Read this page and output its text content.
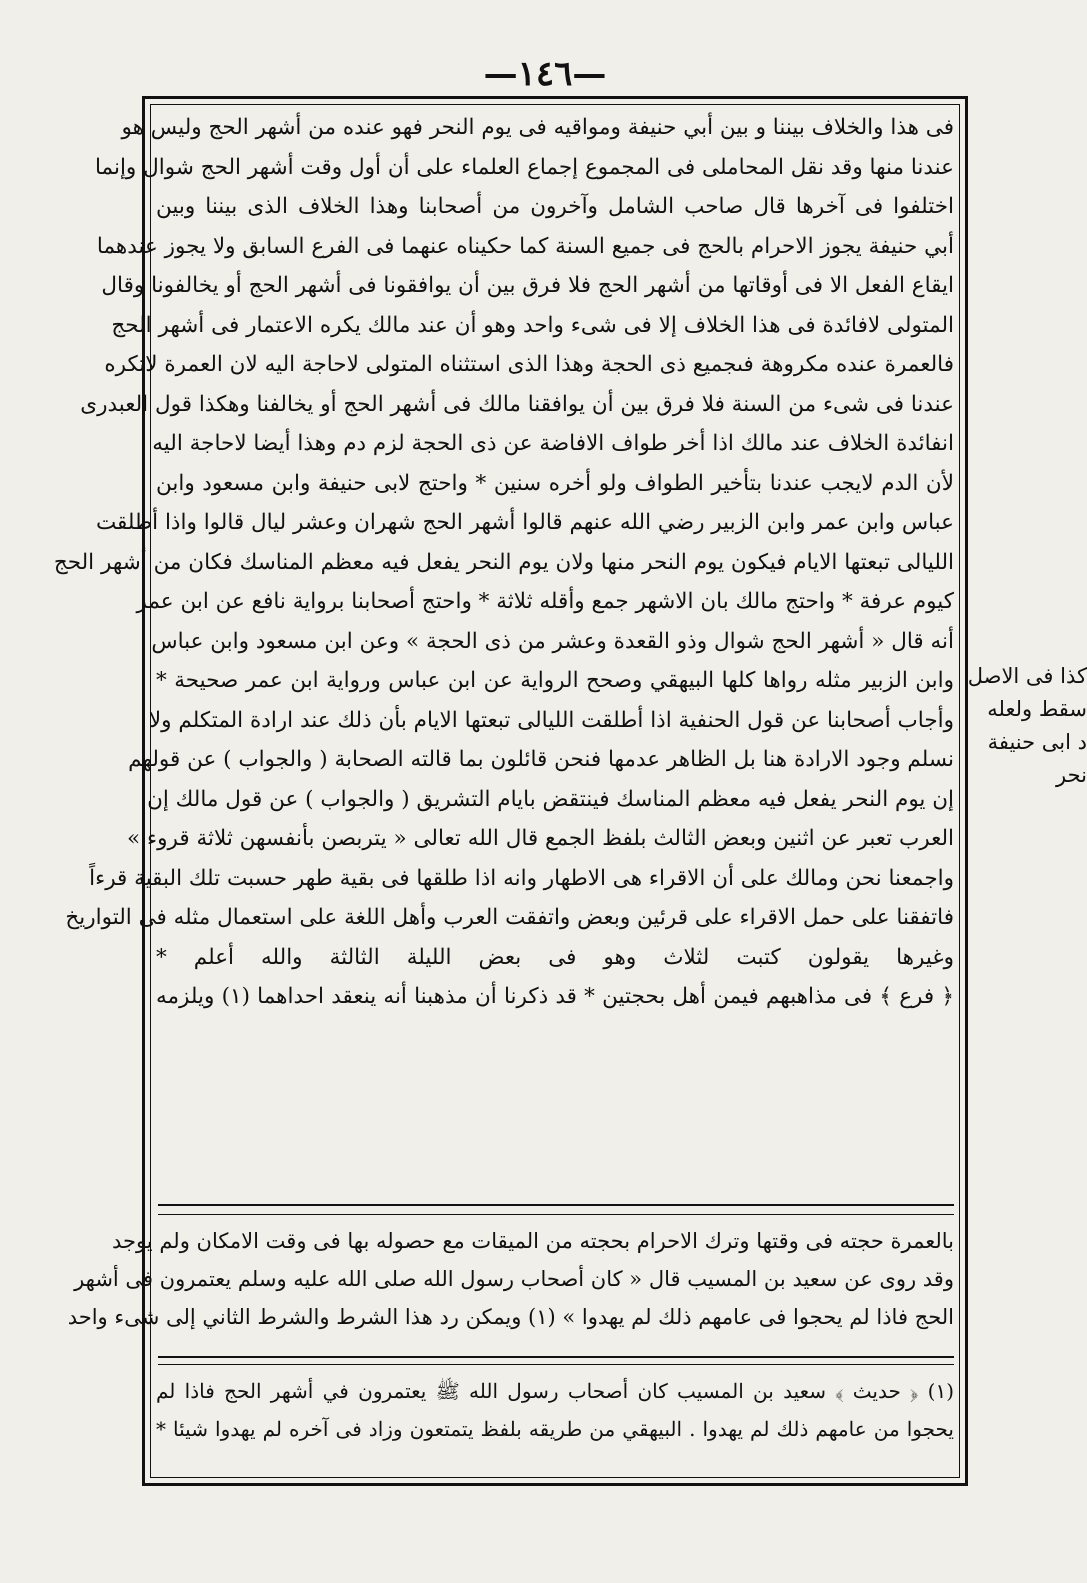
—١٤٦—
فى هذا والخلاف بيننا و بين أبي حنيفة ومواقيه فى يوم النحر فهو عنده من أشهر الحج وليس هو
عندنا منها وقد نقل المحاملى فى المجموع إجماع العلماء على أن أول وقت أشهر الحج شوال وإنما
اختلفوا فى آخرها قال صاحب الشامل وآخرون من أصحابنا وهذا الخلاف الذى بيننا وبين
أبي حنيفة يجوز الاحرام بالحج فى جميع السنة كما حكيناه عنهما فى الفرع السابق ولا يجوز عندهما
ايقاع الفعل الا فى أوقاتها من أشهر الحج فلا فرق بين أن يوافقونا فى أشهر الحج أو يخالفونا وقال
المتولى لافائدة فى هذا الخلاف إلا فى شىء واحد وهو أن عند مالك يكره الاعتمار فى أشهر الحج
فالعمرة عنده مكروهة فىجميع ذى الحجة وهذا الذى استثناه المتولى لاحاجة اليه لان العمرة لاتكره
عندنا فى شىء من السنة فلا فرق بين أن يوافقنا مالك فى أشهر الحج أو يخالفنا وهكذا قول العبدرى
انفائدة الخلاف عند مالك اذا أخر طواف الافاضة عن ذى الحجة لزم دم وهذا أيضا لاحاجة اليه
لأن الدم لايجب عندنا بتأخير الطواف ولو أخره سنين * واحتج لابى حنيفة وابن مسعود وابن
عباس وابن عمر وابن الزبير رضي الله عنهم قالوا أشهر الحج شهران وعشر ليال قالوا واذا أطلقت
الليالى تبعتها الايام فيكون يوم النحر منها ولان يوم النحر يفعل فيه معظم المناسك فكان من أشهر الحج
كيوم عرفة * واحتج مالك بان الاشهر جمع وأقله ثلاثة * واحتج أصحابنا برواية نافع عن ابن عمر
أنه قال « أشهر الحج شوال وذو القعدة وعشر من ذى الحجة » وعن ابن مسعود وابن عباس
وابن الزبير مثله رواها كلها البيهقي وصحح الرواية عن ابن عباس ورواية ابن عمر صحيحة *
وأجاب أصحابنا عن قول الحنفية اذا أطلقت الليالى تبعتها الايام بأن ذلك عند ارادة المتكلم ولا
نسلم وجود الارادة هنا بل الظاهر عدمها فنحن قائلون بما قالته الصحابة ( والجواب ) عن قولهم
إن يوم النحر يفعل فيه معظم المناسك فينتقض بايام التشريق ( والجواب ) عن قول مالك إن
العرب تعبر عن اثنين وبعض الثالث بلفظ الجمع قال الله تعالى « يتربصن بأنفسهن ثلاثة قروء »
واجمعنا نحن ومالك على أن الاقراء هى الاطهار وانه اذا طلقها فى بقية طهر حسبت تلك البقية قرءاً
فاتفقنا على حمل الاقراء على قرئين وبعض واتفقت العرب وأهل اللغة على استعمال مثله فى التواريخ
وغيرها يقولون كتبت لثلاث وهو فى بعض الليلة الثالثة والله أعلم *
﴿ فرع ﴾ فى مذاهبهم فيمن أهل بحجتين * قد ذكرنا أن مذهبنا أنه ينعقد احداهما (١) ويلزمه
بالعمرة حجته فى وقتها وترك الاحرام بحجته من الميقات مع حصوله بها فى وقت الامكان ولم يوجد
وقد روى عن سعيد بن المسيب قال « كان أصحاب رسول الله صلى الله عليه وسلم يعتمرون فى أشهر
الحج فاذا لم يحجوا فى عامهم ذلك لم يهدوا » (١) ويمكن رد هذا الشرط والشرط الثاني إلى شىء واحد
(١) ﴿ حديث ﴾ سعيد بن المسيب كان أصحاب رسول الله ﷺ يعتمرون في أشهر الحج فاذا لم
يحجوا من عامهم ذلك لم يهدوا . البيهقي من طريقه بلفظ يتمتعون وزاد فى آخره لم يهدوا شيئا *
كذا فى الاصل
سقط ولعله
د ابى حنيفة
نحر
